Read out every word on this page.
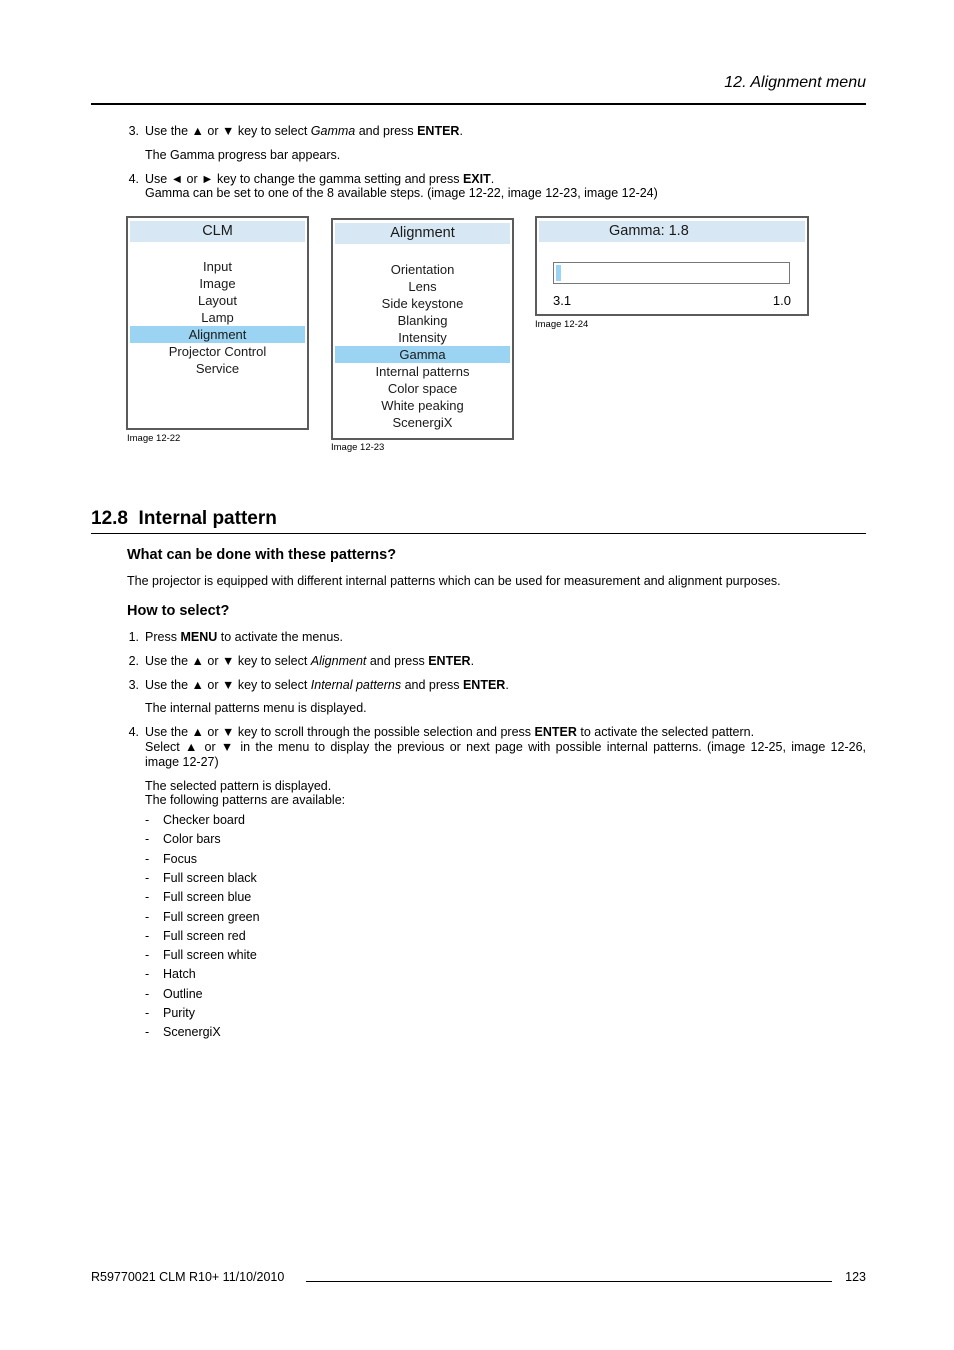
12. Alignment menu
3. Use the ▲ or ▼ key to select Gamma and press ENTER.
The Gamma progress bar appears.
4. Use ◄ or ► key to change the gamma setting and press EXIT.
Gamma can be set to one of the 8 available steps. (image 12-22, image 12-23, image 12-24)
CLM
Input
Image
Layout
Lamp
Alignment
Projector Control
Service
Image 12-22
Alignment
Orientation
Lens
Side keystone
Blanking
Intensity
Gamma
Internal patterns
Color space
White peaking
ScenergiX
Image 12-23
Gamma: 1.8
3.1	1.0
Image 12-24
12.8 Internal pattern
What can be done with these patterns?
The projector is equipped with different internal patterns which can be used for measurement and alignment purposes.
How to select?
1. Press MENU to activate the menus.
2. Use the ▲ or ▼ key to select Alignment and press ENTER.
3. Use the ▲ or ▼ key to select Internal patterns and press ENTER.
The internal patterns menu is displayed.
4. Use the ▲ or ▼ key to scroll through the possible selection and press ENTER to activate the selected pattern.
Select ▲ or ▼ in the menu to display the previous or next page with possible internal patterns. (image 12-25, image 12-26,
image 12-27)
The selected pattern is displayed.
The following patterns are available:
- Checker board
- Color bars
- Focus
- Full screen black
- Full screen blue
- Full screen green
- Full screen red
- Full screen white
- Hatch
- Outline
- Purity
- ScenergiX
R59770021 CLM R10+ 11/10/2010	123
